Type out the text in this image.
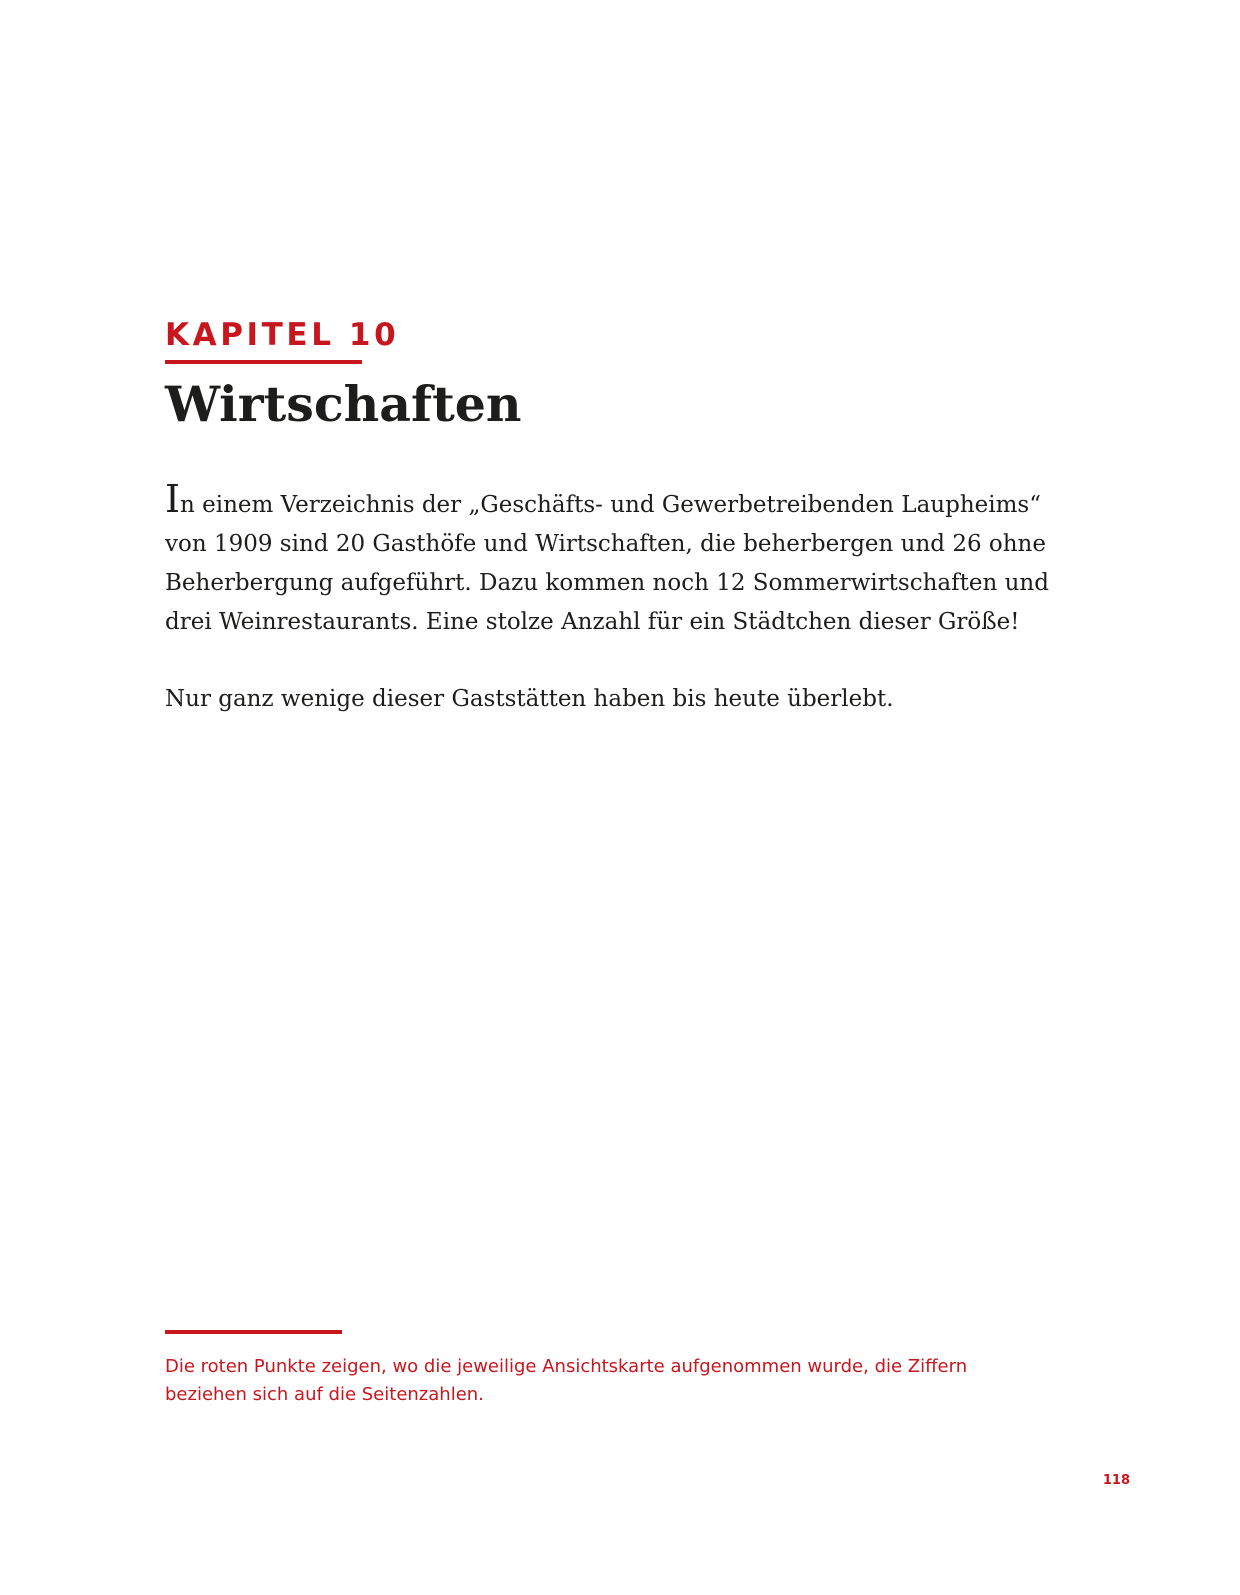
KAPITEL 10
Wirtschaften

In einem Verzeichnis der „Geschäfts- und Gewerbetreibenden Laupheims“
von 1909 sind 20 Gasthöfe und Wirtschaften, die beherbergen und 26 ohne
Beherbergung aufgeführt. Dazu kommen noch 12 Sommerwirtschaften und
drei Weinrestaurants. Eine stolze Anzahl für ein Städtchen dieser Größe!

Nur ganz wenige dieser Gaststätten haben bis heute überlebt.

Die roten Punkte zeigen, wo die jeweilige Ansichtskarte aufgenommen wurde, die Ziffern
beziehen sich auf die Seitenzahlen.

118
